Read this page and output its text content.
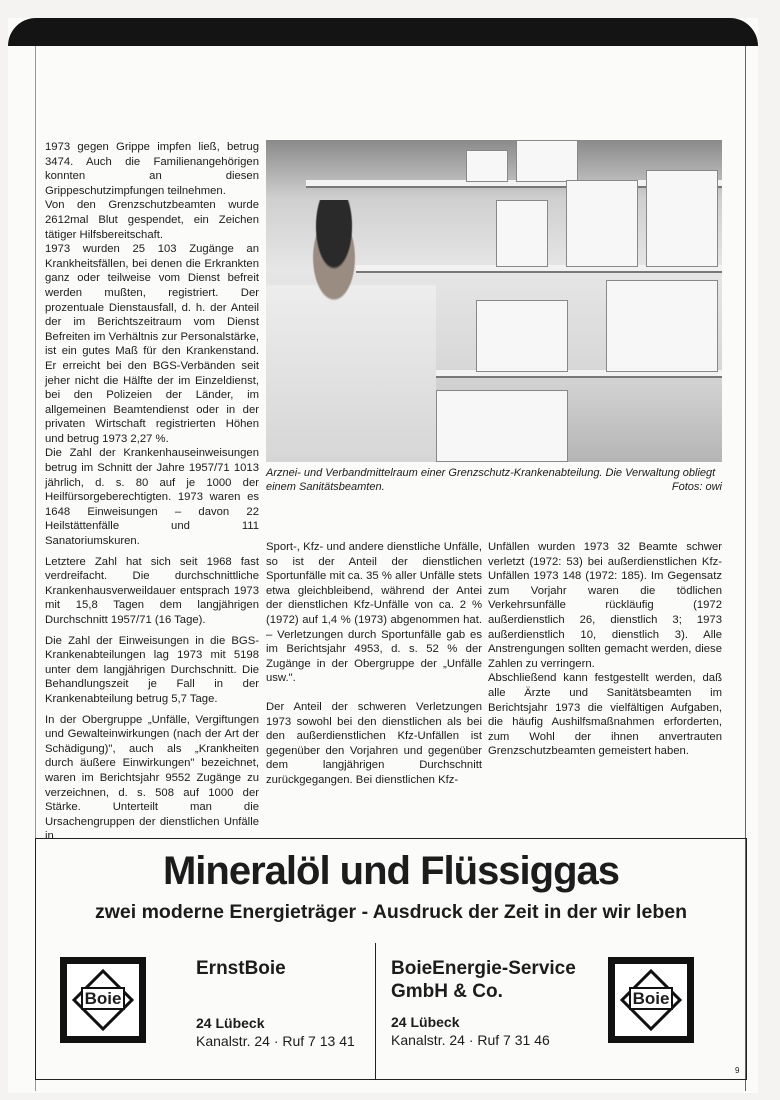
1973 gegen Grippe impfen ließ, betrug 3474. Auch die Familienangehörigen konnten an diesen Grippeschutzimpfungen teilnehmen.

Von den Grenzschutzbeamten wurde 2612mal Blut gespendet, ein Zeichen tätiger Hilfsbereitschaft.

1973 wurden 25 103 Zugänge an Krankheitsfällen, bei denen die Erkrankten ganz oder teilweise vom Dienst befreit werden mußten, registriert. Der prozentuale Dienstausfall, d. h. der Anteil der im Berichtszeitraum vom Dienst Befreiten im Verhältnis zur Personalstärke, ist ein gutes Maß für den Krankenstand. Er erreicht bei den BGS-Verbänden seit jeher nicht die Hälfte der im Einzeldienst, bei den Polizeien der Länder, im allgemeinen Beamtendienst oder in der privaten Wirtschaft registrierten Höhen und betrug 1973 2,27 %.

Die Zahl der Krankenhauseinweisungen betrug im Schnitt der Jahre 1957/71 1013 jährlich, d. s. 80 auf je 1000 der Heilfürsorgeberechtigten. 1973 waren es 1648 Einweisungen – davon 22 Heilstättenfälle und 111 Sanatoriumskuren.

Letztere Zahl hat sich seit 1968 fast verdreifacht. Die durchschnittliche Krankenhausverweildauer entsprach 1973 mit 15,8 Tagen dem langjährigen Durchschnitt 1957/71 (16 Tage).

Die Zahl der Einweisungen in die BGS-Krankenabteilungen lag 1973 mit 5198 unter dem langjährigen Durchschnitt. Die Behandlungszeit je Fall in der Krankenabteilung betrug 5,7 Tage.

In der Obergruppe „Unfälle, Vergiftungen und Gewalteinwirkungen (nach der Art der Schädigung)", auch als „Krankheiten durch äußere Einwirkungen" bezeichnet, waren im Berichtsjahr 9552 Zugänge zu verzeichnen, d. s. 508 auf 1000 der Stärke. Unterteilt man die Ursachengruppen der dienstlichen Unfälle in

Arznei- und Verbandmittelraum einer Grenzschutz-Krankenabteilung. Die Verwaltung obliegt einem Sanitätsbeamten.	Fotos: owi

Sport-, Kfz- und andere dienstliche Unfälle, so ist der Anteil der dienstlichen Sportunfälle mit ca. 35 % aller Unfälle stets etwa gleichbleibend, während der Antei der dienstlichen Kfz-Unfälle von ca. 2 % (1972) auf 1,4 % (1973) abgenommen hat. – Verletzungen durch Sportunfälle gab es im Berichtsjahr 4953, d. s. 52 % der Zugänge in der Obergruppe der „Unfälle usw.".

Der Anteil der schweren Verletzungen 1973 sowohl bei den dienstlichen als bei den außerdienstlichen Kfz-Unfällen ist gegenüber den Vorjahren und gegenüber dem langjährigen Durchschnitt zurückgegangen. Bei dienstlichen Kfz-

Unfällen wurden 1973 32 Beamte schwer verletzt (1972: 53) bei außerdienstlichen Kfz-Unfällen 1973 148 (1972: 185). Im Gegensatz zum Vorjahr waren die tödlichen Verkehrsunfälle rückläufig (1972 außerdienstlich 26, dienstlich 3; 1973 außerdienstlich 10, dienstlich 3). Alle Anstrengungen sollten gemacht werden, diese Zahlen zu verringern.

Abschließend kann festgestellt werden, daß alle Ärzte und Sanitätsbeamten im Berichtsjahr 1973 die vielfältigen Aufgaben, die häufig Aushilfsmaßnahmen erforderten, zum Wohl der ihnen anvertrauten Grenzschutzbeamten gemeistert haben.

Mineralöl und Flüssiggas
zwei moderne Energieträger - Ausdruck der Zeit in der wir leben
Boie
ErnstBoie
24 Lübeck
Kanalstr. 24 · Ruf 7 13 41
BoieEnergie-Service GmbH & Co.
24 Lübeck
Kanalstr. 24 · Ruf 7 31 46
Boie
9
